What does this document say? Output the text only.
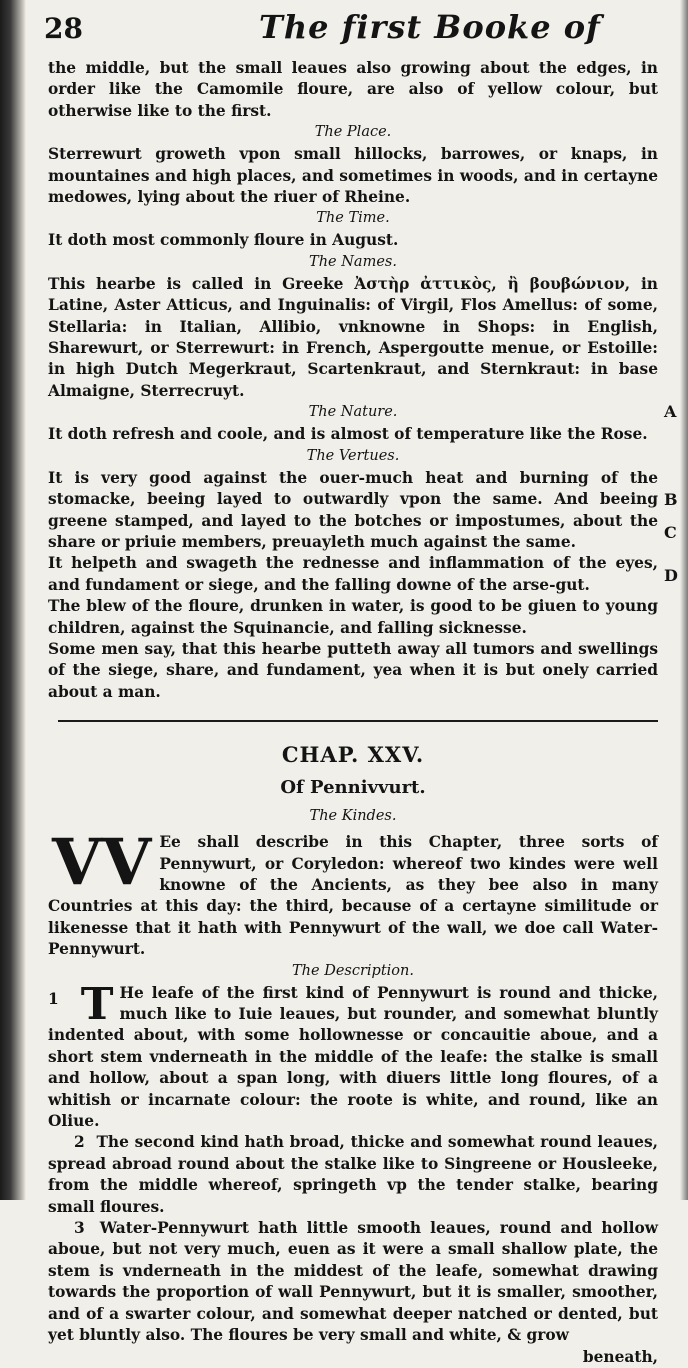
28	The first Booke of

the middle, but the small leaues also growing about the edges, in order like the Camomile floure, are also of yellow colour, but otherwise like to the first.

The Place.

Sterrewurt groweth vpon small hillocks, barrowes, or knaps, in mountaines and high places, and sometimes in woods, and in certayne medowes, lying about the riuer of Rheine.

The Time.

It doth most commonly floure in August.

The Names.

This hearbe is called in Greeke Ἀστὴρ ἀττικὸς, ἢ βουβώνιον, in Latine, Aster Atticus, and Inguinalis: of Virgil, Flos Amellus: of some, Stellaria: in Italian, Allibio, vnknowne in Shops: in English, Sharewurt, or Sterrewurt: in French, Aspergoutte menue, or Estoille: in high Dutch Megerkraut, Scartenkraut, and Sternkraut: in base Almaigne, Sterrecruyt.

The Nature.

It doth refresh and coole, and is almost of temperature like the Rose.

The Vertues.

It is very good against the ouer-much heat and burning of the stomacke, beeing layed to outwardly vpon the same. And beeing greene stamped, and layed to the botches or impostumes, about the share or priuie members, preuayleth much against the same.

It helpeth and swageth the rednesse and inflammation of the eyes, and fundament or siege, and the falling downe of the arse-gut.

The blew of the floure, drunken in water, is good to be giuen to young children, against the Squinancie, and falling sicknesse.

Some men say, that this hearbe putteth away all tumors and swellings of the siege, share, and fundament, yea when it is but onely carried about a man.

CHAP. XXV.
Of Pennivvurt.
The Kindes.

VV Ee shall describe in this Chapter, three sorts of Pennywurt, or Coryledon: whereof two kindes were well knowne of the Ancients, as they bee also in many Countries at this day: the third, because of a certayne similitude or likenesse that it hath with Pennywurt of the wall, we doe call Water-Pennywurt.

The Description.

1 T He leafe of the first kind of Pennywurt is round and thicke, much like to Iuie leaues, but rounder, and somewhat bluntly indented about, with some hollownesse or concauitie aboue, and a short stem vnderneath in the middle of the leafe: the stalke is small and hollow, about a span long, with diuers little long floures, of a whitish or incarnate colour: the roote is white, and round, like an Oliue.

2 The second kind hath broad, thicke and somewhat round leaues, spread abroad round about the stalke like to Singreene or Housleeke, from the middle whereof, springeth vp the tender stalke, bearing small floures.

3 Water-Pennywurt hath little smooth leaues, round and hollow aboue, but not very much, euen as it were a small shallow plate, the stem is vnderneath in the middest of the leafe, somewhat drawing towards the proportion of wall Pennywurt, but it is smaller, smoother, and of a swarter colour, and somewhat deeper natched or dented, but yet bluntly also. The floures be very small and white, & grow

beneath,

A
B
C
D
